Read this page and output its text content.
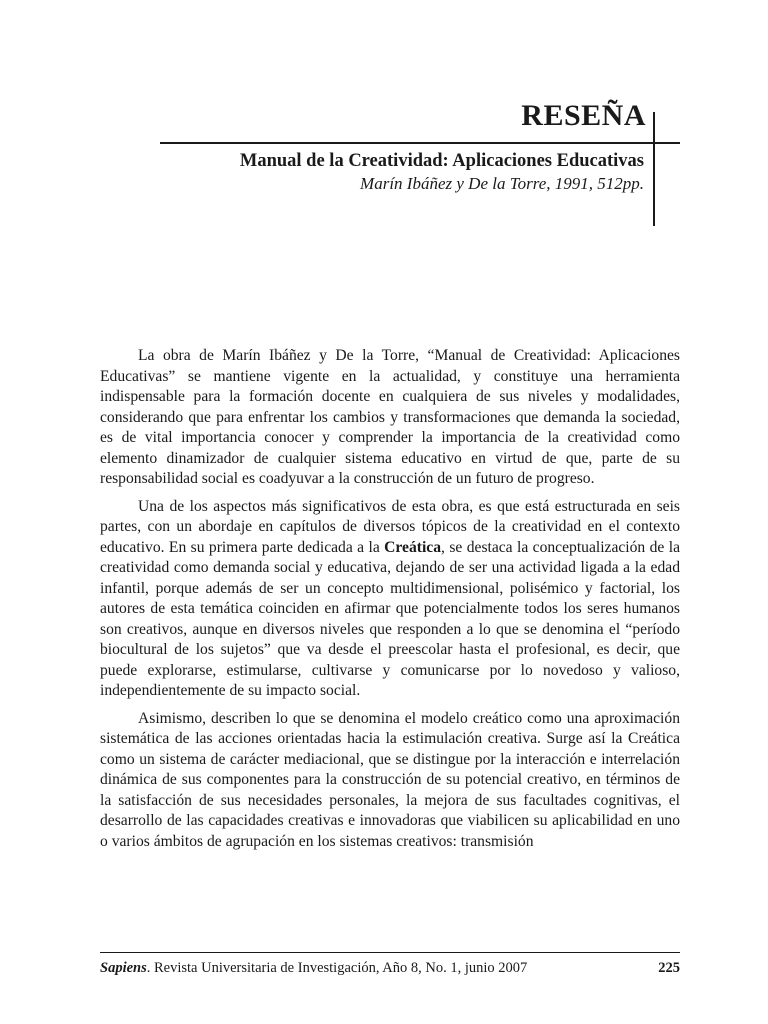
RESEÑA
Manual de la Creatividad: Aplicaciones Educativas
Marín Ibáñez y De la Torre, 1991, 512pp.

La obra de Marín Ibáñez y De la Torre, “Manual de Creatividad: Aplicaciones Educativas” se mantiene vigente en la actualidad, y constituye una herramienta indispensable para la formación docente en cualquiera de sus niveles y modalidades, considerando que para enfrentar los cambios y transformaciones que demanda la sociedad, es de vital importancia conocer y comprender la importancia de la creatividad como elemento dinamizador de cualquier sistema educativo en virtud de que, parte de su responsabilidad social es coadyuvar a la construcción de un futuro de progreso.

Una de los aspectos más significativos de esta obra, es que está estructurada en seis partes, con un abordaje en capítulos de diversos tópicos de la creatividad en el contexto educativo. En su primera parte dedicada a la Creática, se destaca la conceptualización de la creatividad como demanda social y educativa, dejando de ser una actividad ligada a la edad infantil, porque además de ser un concepto multidimensional, polisémico y factorial, los autores de esta temática coinciden en afirmar que potencialmente todos los seres humanos son creativos, aunque en diversos niveles que responden a lo que se denomina el “período biocultural de los sujetos” que va desde el preescolar hasta el profesional, es decir, que puede explorarse, estimularse, cultivarse y comunicarse por lo novedoso y valioso, independientemente de su impacto social.

Asimismo, describen lo que se denomina el modelo creático como una aproximación sistemática de las acciones orientadas hacia la estimulación creativa. Surge así la Creática como un sistema de carácter mediacional, que se distingue por la interacción e interrelación dinámica de sus componentes para la construcción de su potencial creativo, en términos de la satisfacción de sus necesidades personales, la mejora de sus facultades cognitivas, el desarrollo de las capacidades creativas e innovadoras que viabilicen su aplicabilidad en uno o varios ámbitos de agrupación en los sistemas creativos: transmisión

Sapiens. Revista Universitaria de Investigación, Año 8, No. 1, junio 2007	225
